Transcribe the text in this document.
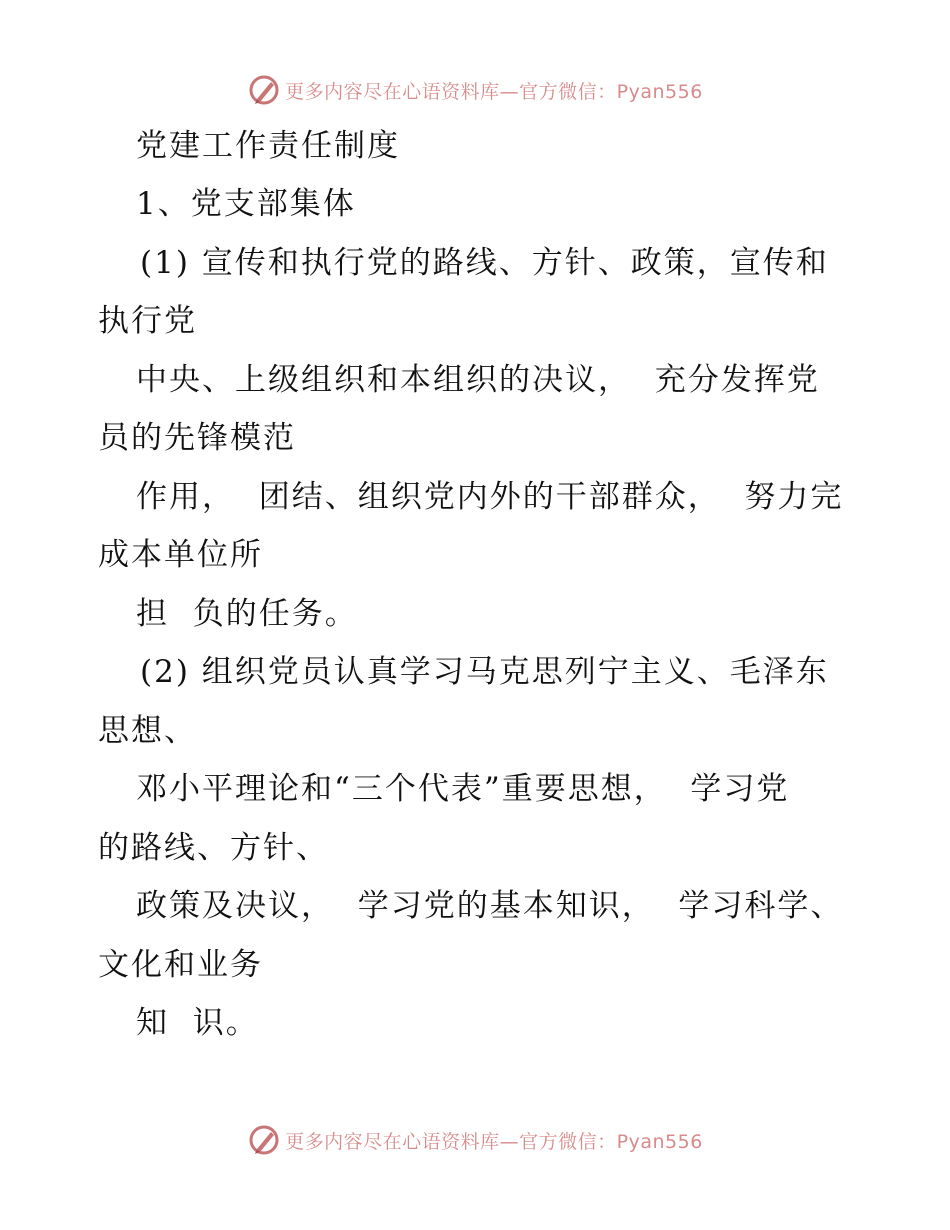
更多内容尽在心语资料库—官方微信：Pyan556
党建工作责任制度
1、党支部集体
(1) 宣传和执行党的路线、方针、政策，宣传和
执行党
中央、上级组织和本组织的决议，  充分发挥党
员的先锋模范
作用，  团结、组织党内外的干部群众，  努力完
成本单位所
担  负的任务。
(2) 组织党员认真学习马克思列宁主义、毛泽东
思想、
邓小平理论和“三个代表”重要思想，  学习党
的路线、方针、
政策及决议，  学习党的基本知识，  学习科学、
文化和业务
知  识。
更多内容尽在心语资料库—官方微信：Pyan556
